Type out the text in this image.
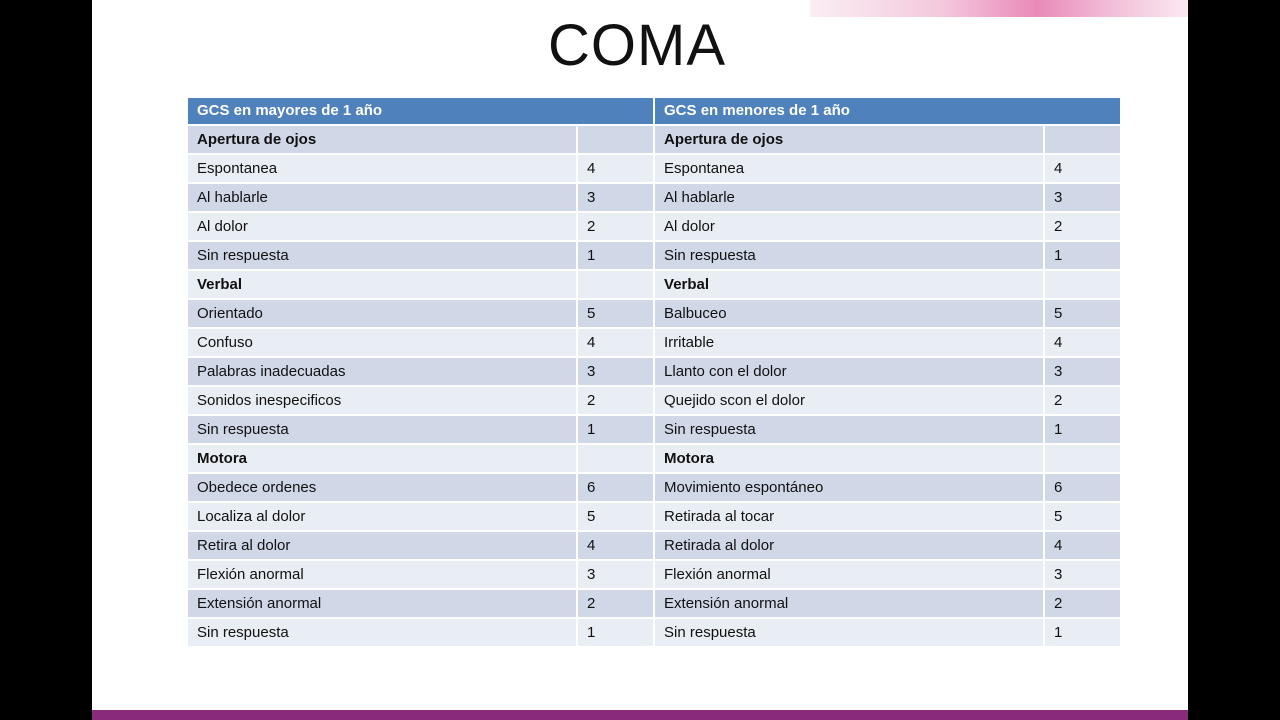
COMA
GCS en mayores de 1 año		GCS en menores de 1 año	
Apertura de ojos		Apertura de ojos	
Espontanea	4	Espontanea	4
Al hablarle	3	Al hablarle	3
Al dolor	2	Al dolor	2
Sin respuesta	1	Sin respuesta	1
Verbal		Verbal	
Orientado	5	Balbuceo	5
Confuso	4	Irritable	4
Palabras inadecuadas	3	Llanto con el dolor	3
Sonidos inespecificos	2	Quejido scon el dolor	2
Sin respuesta	1	Sin respuesta	1
Motora		Motora	
Obedece ordenes	6	Movimiento espontáneo	6
Localiza al dolor	5	Retirada al tocar	5
Retira al dolor	4	Retirada al dolor	4
Flexión anormal	3	Flexión anormal	3
Extensión anormal	2	Extensión anormal	2
Sin respuesta	1	Sin respuesta	1
